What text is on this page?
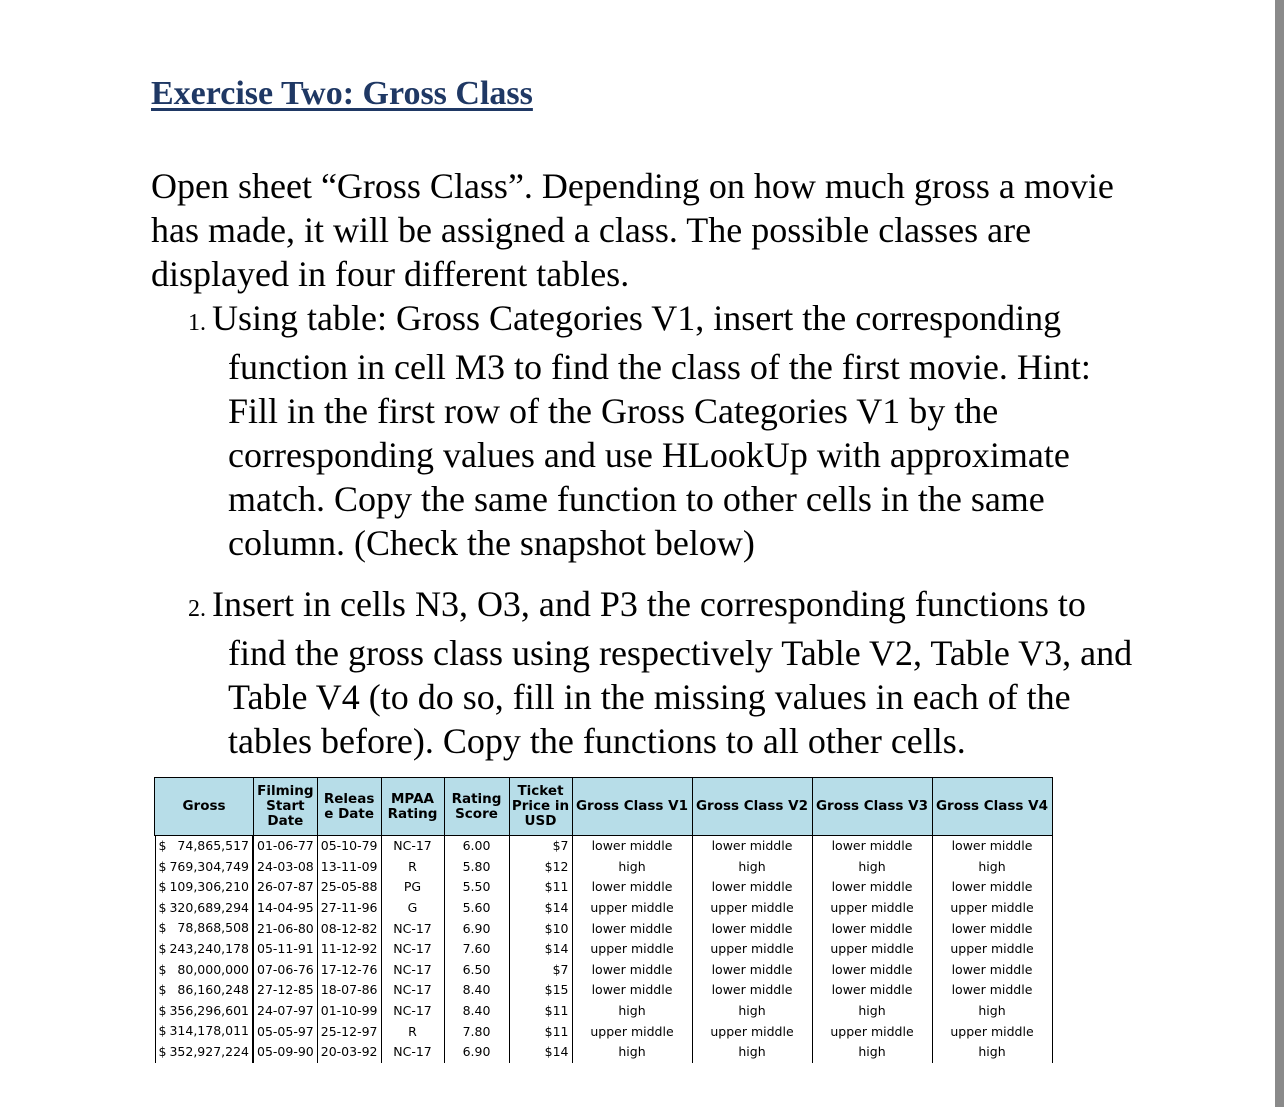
Exercise Two: Gross Class

Open sheet “Gross Class”. Depending on how much gross a movie has made, it will be assigned a class. The possible classes are displayed in four different tables.

1. Using table: Gross Categories V1, insert the corresponding
function in cell M3 to find the class of the first movie. Hint: Fill in the first row of the Gross Categories V1 by the corresponding values and use HLookUp with approximate match. Copy the same function to other cells in the same column. (Check the snapshot below)
2. Insert in cells N3, O3, and P3 the corresponding functions to
find the gross class using respectively Table V2, Table V3, and Table V4 (to do so, fill in the missing values in each of the tables before). Copy the functions to all other cells.
Gross	Filming Start Date	Releas e Date	MPAA Rating	Rating Score	Ticket Price in USD	Gross Class V1	Gross Class V2	Gross Class V3	Gross Class V4

$ 74,865,517 01-06-77	05-10-79	NC-17	6.00	$7	lower middle	lower middle	lower middle	lower middle

$ 769,304,749 24-03-08	13-11-09	R	5.80	$12	high	high	high	high

$ 109,306,210 26-07-87	25-05-88	PG	5.50	$11	lower middle	lower middle	lower middle	lower middle

$ 320,689,294 14-04-95	27-11-96	G	5.60	$14	upper middle	upper middle	upper middle	upper middle

$ 78,868,508 21-06-80	08-12-82	NC-17	6.90	$10	lower middle	lower middle	lower middle	lower middle

$ 243,240,178 05-11-91	11-12-92	NC-17	7.60	$14	upper middle	upper middle	upper middle	upper middle

$ 80,000,000 07-06-76	17-12-76	NC-17	6.50	$7	lower middle	lower middle	lower middle	lower middle

$ 86,160,248 27-12-85	18-07-86	NC-17	8.40	$15	lower middle	lower middle	lower middle	lower middle

$ 356,296,601 24-07-97	01-10-99	NC-17	8.40	$11	high	high	high	high

$ 314,178,011 05-05-97	25-12-97	R	7.80	$11	upper middle	upper middle	upper middle	upper middle

$ 352,927,224 05-09-90	20-03-92	NC-17	6.90	$14	high	high	high	high
